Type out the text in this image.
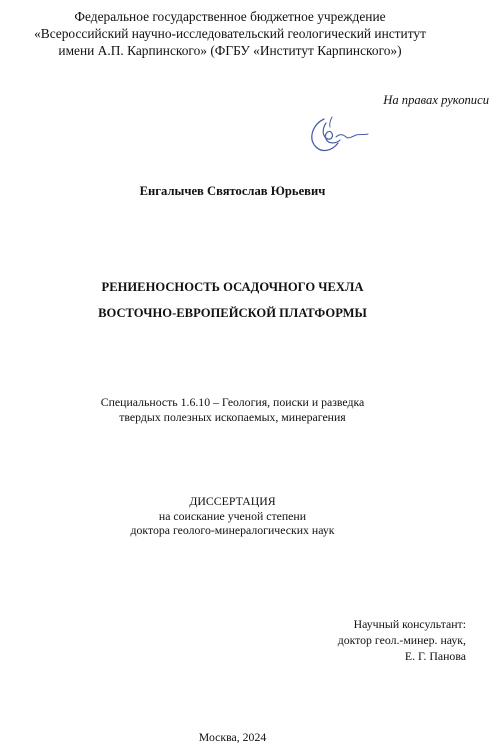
Федеральное государственное бюджетное учреждение
«Всероссийский научно-исследовательский геологический институт
имени А.П. Карпинского» (ФГБУ «Институт Карпинского»)
На правах рукописи
Енгалычев Святослав Юрьевич
РЕНИЕНОСНОСТЬ ОСАДОЧНОГО ЧЕХЛА
ВОСТОЧНО-ЕВРОПЕЙСКОЙ ПЛАТФОРМЫ
Специальность 1.6.10 – Геология, поиски и разведка
твердых полезных ископаемых, минерагения
ДИССЕРТАЦИЯ
на соискание ученой степени
доктора геолого-минералогических наук
Научный консультант:
доктор геол.-минер. наук,
Е. Г. Панова
Москва, 2024
